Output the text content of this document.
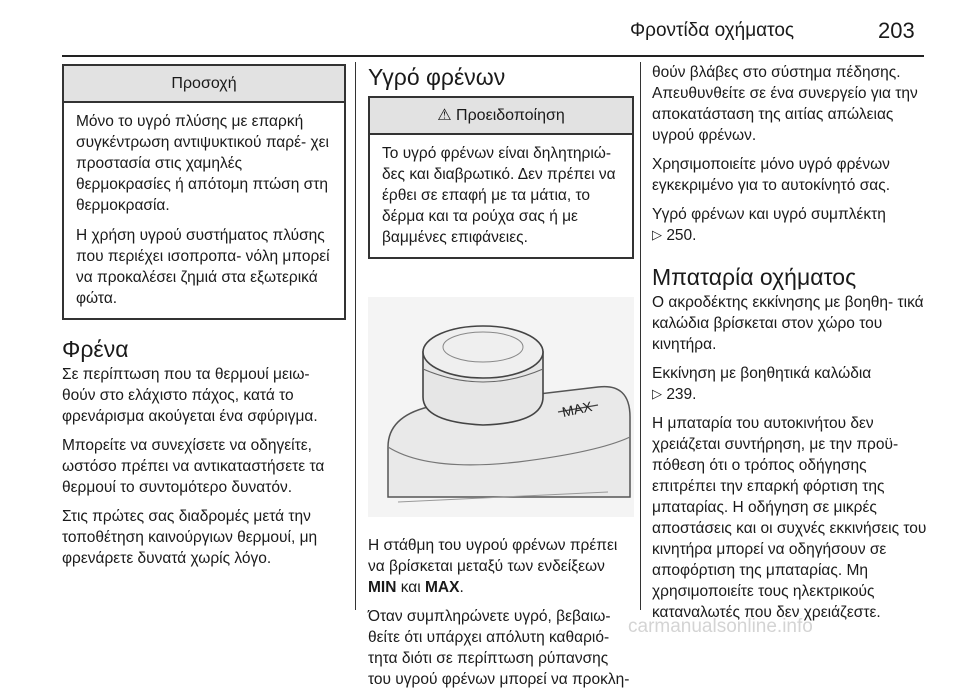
Φροντίδα οχήματος	203
Προσοχή

Μόνο το υγρό πλύσης με επαρκή συγκέντρωση αντιψυκτικού παρέ- χει προστασία στις χαμηλές θερμοκρασίες ή απότομη πτώση στη θερμοκρασία.

Η χρήση υγρού συστήματος πλύσης που περιέχει ισοπροπα- νόλη μπορεί να προκαλέσει ζημιά στα εξωτερικά φώτα.

Φρένα

Σε περίπτωση που τα θερμουί μειω- θούν στο ελάχιστο πάχος, κατά το φρενάρισμα ακούγεται ένα σφύριγμα.

Μπορείτε να συνεχίσετε να οδηγείτε, ωστόσο πρέπει να αντικαταστήσετε τα θερμουί το συντομότερο δυνατόν.

Στις πρώτες σας διαδρομές μετά την τοποθέτηση καινούργιων θερμουί, μη φρενάρετε δυνατά χωρίς λόγο.

Υγρό φρένων
⚠ Προειδοποίηση

Το υγρό φρένων είναι δηλητηριώ- δες και διαβρωτικό. Δεν πρέπει να έρθει σε επαφή με τα μάτια, το δέρμα και τα ρούχα σας ή με βαμμένες επιφάνειες.

MAX

Η στάθμη του υγρού φρένων πρέπει να βρίσκεται μεταξύ των ενδείξεων MIN και MAX.

Όταν συμπληρώνετε υγρό, βεβαιω- θείτε ότι υπάρχει απόλυτη καθαριό- τητα διότι σε περίπτωση ρύπανσης του υγρού φρένων μπορεί να προκλη-

θούν βλάβες στο σύστημα πέδησης. Απευθυνθείτε σε ένα συνεργείο για την αποκατάσταση της αιτίας απώλειας υγρού φρένων.

Χρησιμοποιείτε μόνο υγρό φρένων εγκεκριμένο για το αυτοκίνητό σας.

Υγρό φρένων και υγρό συμπλέκτη
▷ 250.

Μπαταρία οχήματος

Ο ακροδέκτης εκκίνησης με βοηθη- τικά καλώδια βρίσκεται στον χώρο του κινητήρα.

Εκκίνηση με βοηθητικά καλώδια
▷ 239.

Η μπαταρία του αυτοκινήτου δεν χρειάζεται συντήρηση, με την προϋ- πόθεση ότι ο τρόπος οδήγησης επιτρέπει την επαρκή φόρτιση της μπαταρίας. Η οδήγηση σε μικρές αποστάσεις και οι συχνές εκκινήσεις του κινητήρα μπορεί να οδηγήσουν σε αποφόρτιση της μπαταρίας. Μη χρησιμοποιείτε τους ηλεκτρικούς καταναλωτές που δεν χρειάζεστε.

carmanualsonline.info
